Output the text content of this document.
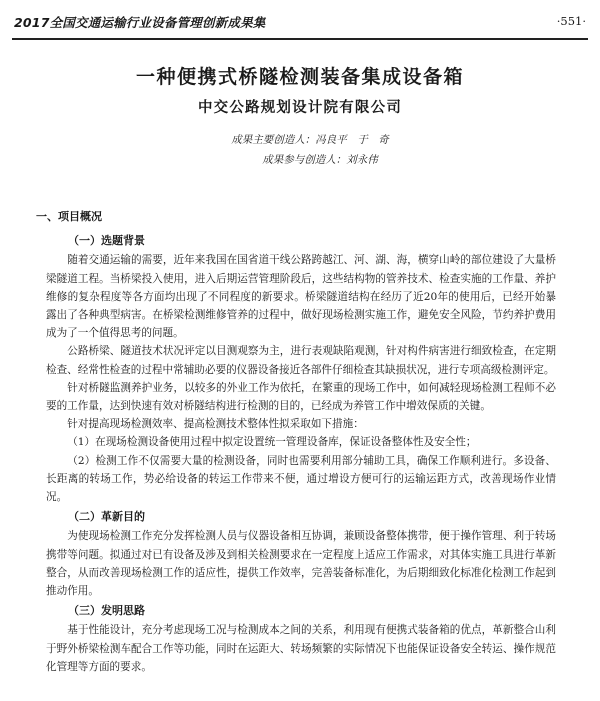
2017全国交通运输行业设备管理创新成果集	·551·
一种便携式桥隧检测装备集成设备箱
中交公路规划设计院有限公司
成果主要创造人：冯良平　于　奇
成果参与创造人：刘永伟
一、项目概况
（一）选题背景

随着交通运输的需要，近年来我国在国省道干线公路跨越江、河、湖、海，横穿山岭的部位建设了大量桥梁隧道工程。当桥梁投入使用，进入后期运营管理阶段后，这些结构物的管养技术、检查实施的工作量、养护维修的复杂程度等各方面均出现了不同程度的新要求。桥梁隧道结构在经历了近20年的使用后，已经开始暴露出了各种典型病害。在桥梁检测维修管养的过程中，做好现场检测实施工作，避免安全风险，节约养护费用成为了一个值得思考的问题。

公路桥梁、隧道技术状况评定以目测观察为主，进行表观缺陷观测，针对构件病害进行细致检查，在定期检查、经常性检查的过程中常辅助必要的仪器设备接近各部件仔细检查其缺损状况，进行专项高级检测评定。

针对桥隧监测养护业务，以较多的外业工作为依托，在繁重的现场工作中，如何减轻现场检测工程师不必要的工作量，达到快速有效对桥隧结构进行检测的目的，已经成为养管工作中增效保质的关键。

针对提高现场检测效率、提高检测技术整体性拟采取如下措施：

（1）在现场检测设备使用过程中拟定设置统一管理设备库，保证设备整体性及安全性；

（2）检测工作不仅需要大量的检测设备，同时也需要利用部分辅助工具，确保工作顺利进行。多设备、长距离的转场工作，势必给设备的转运工作带来不便，通过增设方便可行的运输运距方式，改善现场作业情况。

（二）革新目的

为使现场检测工作充分发挥检测人员与仪器设备相互协调，兼顾设备整体携带，便于操作管理、利于转场携带等问题。拟通过对已有设备及涉及到相关检测要求在一定程度上适应工作需求，对其体实施工具进行革新整合，从而改善现场检测工作的适应性，提供工作效率，完善装备标准化，为后期细致化标准化检测工作起到推动作用。

（三）发明思路

基于性能设计，充分考虑现场工况与检测成本之间的关系，利用现有便携式装备箱的优点，革新整合山利于野外桥梁检测车配合工作等功能，同时在运距大、转场频繁的实际情况下也能保证设备安全转运、操作规范化管理等方面的要求。
